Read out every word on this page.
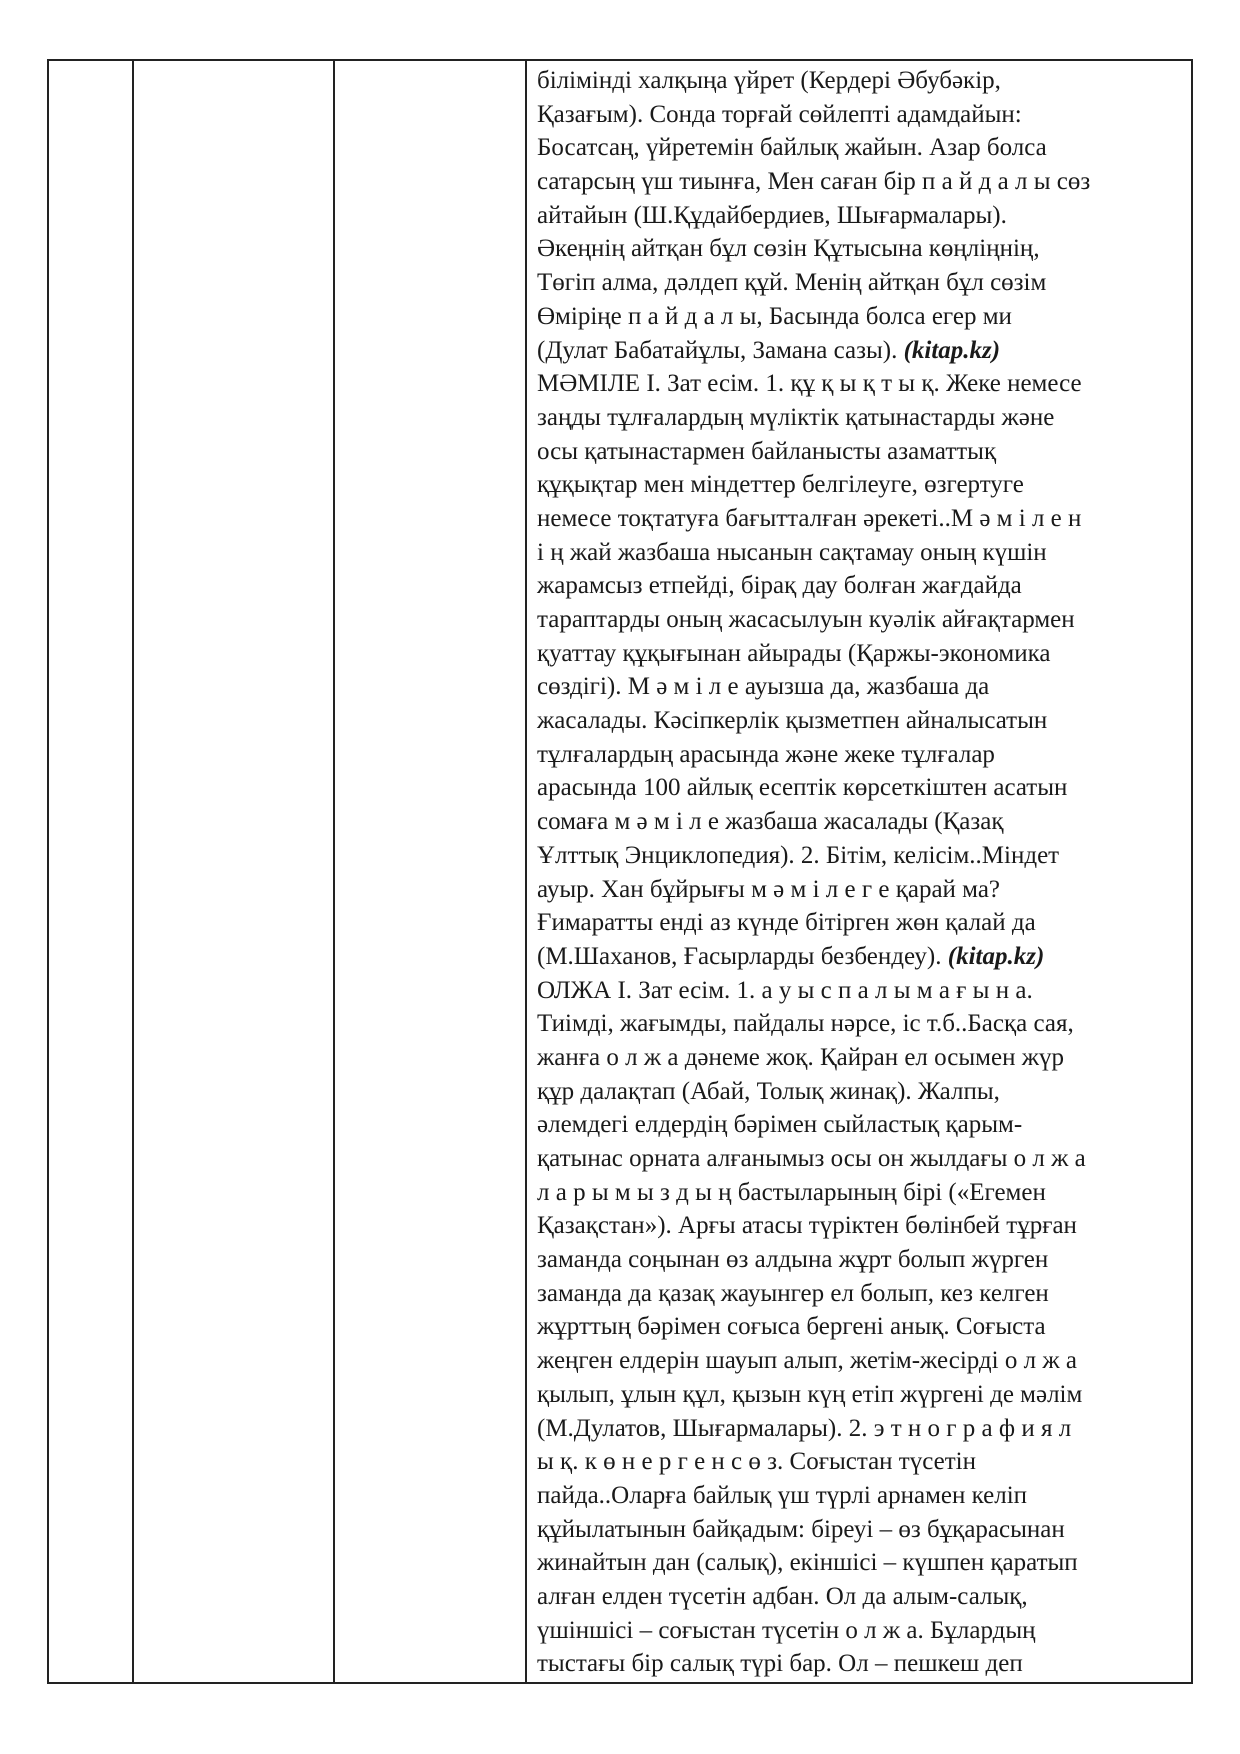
білімінді халқыңа үйрет (Кердері Әбубәкір,
Қазағым). Сонда торғай сөйлепті адамдайын:
Босатсаң, үйретемін байлық жайын. Азар болса
сатарсың үш тиынға, Мен саған бір п а й д а л ы сөз
айтайын (Ш.Құдайбердиев, Шығармалары).
Әкеңнің айтқан бұл сөзін Құтысына көңліңнің,
Төгіп алма, дәлдеп құй. Менің айтқан бұл сөзім
Өміріңе п а й д а л ы, Басында болса егер ми
(Дулат Бабатайұлы, Замана сазы). (kitap.kz)
МӘМІЛЕ I. Зат есім. 1. құ қ ы қ т ы қ. Жеке немесе
заңды тұлғалардың мүліктік қатынастарды және
осы қатынастармен байланысты азаматтық
құқықтар мен міндеттер белгілеуге, өзгертуге
немесе тоқтатуға бағытталған әрекеті..М ә м і л е н
і ң жай жазбаша нысанын сақтамау оның күшін
жарамсыз етпейді, бірақ дау болған жағдайда
тараптарды оның жасасылуын куәлік айғақтармен
қуаттау құқығынан айырады (Қаржы-экономика
сөздігі). М ә м і л е ауызша да, жазбаша да
жасалады. Кәсіпкерлік қызметпен айналысатын
тұлғалардың арасында және жеке тұлғалар
арасында 100 айлық есептік көрсеткіштен асатын
сомаға м ә м і л е жазбаша жасалады (Қазақ
Ұлттық Энциклопедия). 2. Бітім, келісім..Міндет
ауыр. Хан бұйрығы м ә м і л е г е қарай ма?
Ғимаратты енді аз күнде бітірген жөн қалай да
(М.Шаханов, Ғасырларды безбендеу). (kitap.kz)
ОЛЖА I. Зат есім. 1. а у ы с п а л ы м а ғ ы н а.
Тиімді, жағымды, пайдалы нәрсе, іс т.б..Басқа сая,
жанға о л ж а дәнеме жоқ. Қайран ел осымен жүр
құр далақтап (Абай, Толық жинақ). Жалпы,
әлемдегі елдердің бәрімен сыйластық қарым-
қатынас орната алғанымыз осы он жылдағы о л ж а
л а р ы м ы з д ы ң бастыларының бірі («Егемен
Қазақстан»). Арғы атасы түріктен бөлінбей тұрған
заманда соңынан өз алдына жұрт болып жүрген
заманда да қазақ жауынгер ел болып, кез келген
жұрттың бәрімен соғыса бергені анық. Соғыста
жеңген елдерін шауып алып, жетім-жесірді о л ж а
қылып, ұлын құл, қызын күң етіп жүргені де мәлім
(М.Дулатов, Шығармалары). 2. э т н о г р а ф и я л
ы қ. к ө н е р г е н с ө з. Соғыстан түсетін
пайда..Оларға байлық үш түрлі арнамен келіп
құйылатынын байқадым: біреуі – өз бұқарасынан
жинайтын дан (салық), екіншісі – күшпен қаратып
алған елден түсетін адбан. Ол да алым-салық,
үшіншісі – соғыстан түсетін о л ж а. Бұлардың
тыстағы бір салық түрі бар. Ол – пешкеш деп
